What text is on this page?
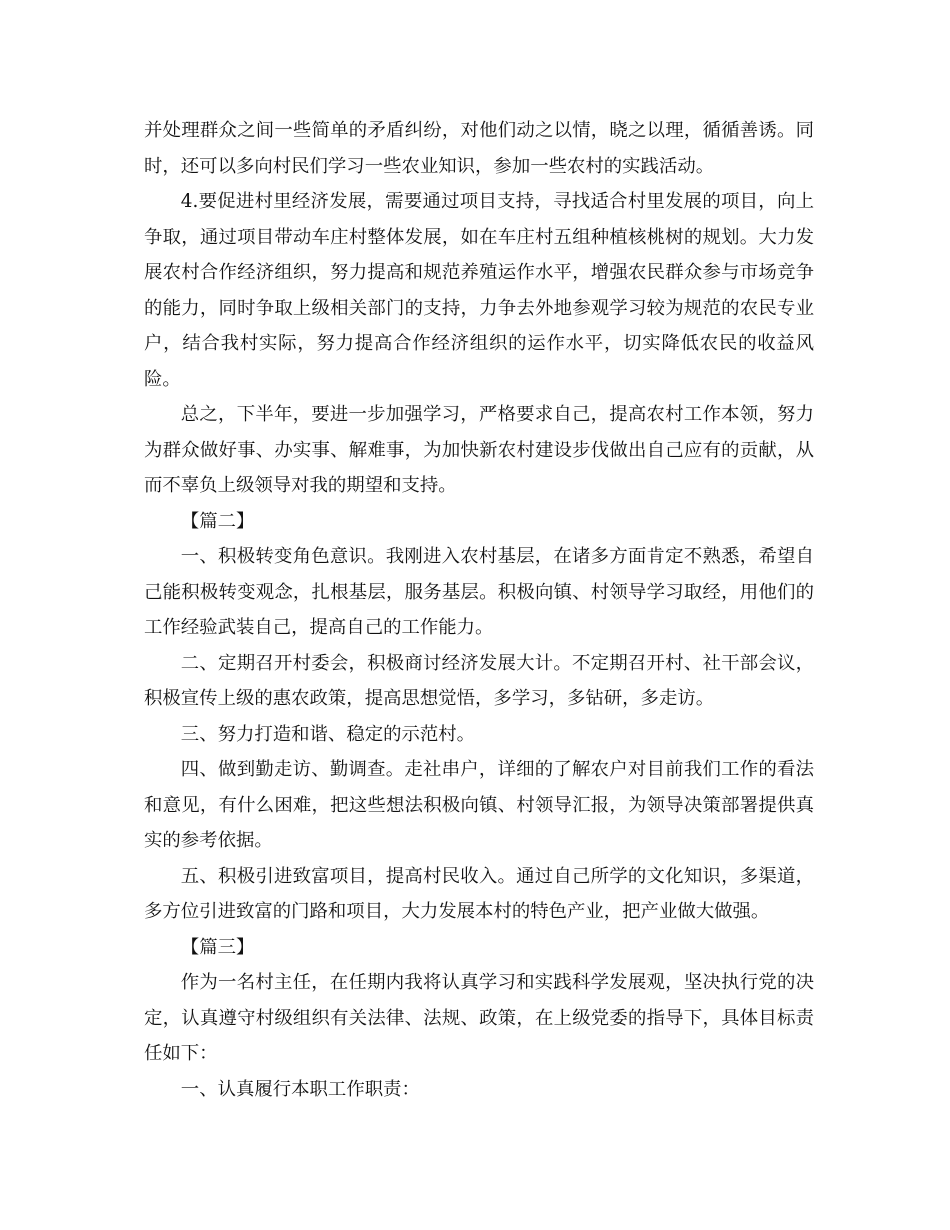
并处理群众之间一些简单的矛盾纠纷，对他们动之以情，晓之以理，循循善诱。同时，还可以多向村民们学习一些农业知识，参加一些农村的实践活动。

4.要促进村里经济发展，需要通过项目支持，寻找适合村里发展的项目，向上争取，通过项目带动车庄村整体发展，如在车庄村五组种植核桃树的规划。大力发展农村合作经济组织，努力提高和规范养殖运作水平，增强农民群众参与市场竞争的能力，同时争取上级相关部门的支持，力争去外地参观学习较为规范的农民专业户，结合我村实际，努力提高合作经济组织的运作水平，切实降低农民的收益风险。

总之，下半年，要进一步加强学习，严格要求自己，提高农村工作本领，努力为群众做好事、办实事、解难事，为加快新农村建设步伐做出自己应有的贡献，从而不辜负上级领导对我的期望和支持。

【篇二】

一、积极转变角色意识。我刚进入农村基层，在诸多方面肯定不熟悉，希望自己能积极转变观念，扎根基层，服务基层。积极向镇、村领导学习取经，用他们的工作经验武装自己，提高自己的工作能力。

二、定期召开村委会，积极商讨经济发展大计。不定期召开村、社干部会议，积极宣传上级的惠农政策，提高思想觉悟，多学习，多钻研，多走访。

三、努力打造和谐、稳定的示范村。

四、做到勤走访、勤调查。走社串户，详细的了解农户对目前我们工作的看法和意见，有什么困难，把这些想法积极向镇、村领导汇报，为领导决策部署提供真实的参考依据。

五、积极引进致富项目，提高村民收入。通过自己所学的文化知识，多渠道，多方位引进致富的门路和项目，大力发展本村的特色产业，把产业做大做强。

【篇三】

作为一名村主任，在任期内我将认真学习和实践科学发展观，坚决执行党的决定，认真遵守村级组织有关法律、法规、政策，在上级党委的指导下，具体目标责任如下：

一、认真履行本职工作职责：
